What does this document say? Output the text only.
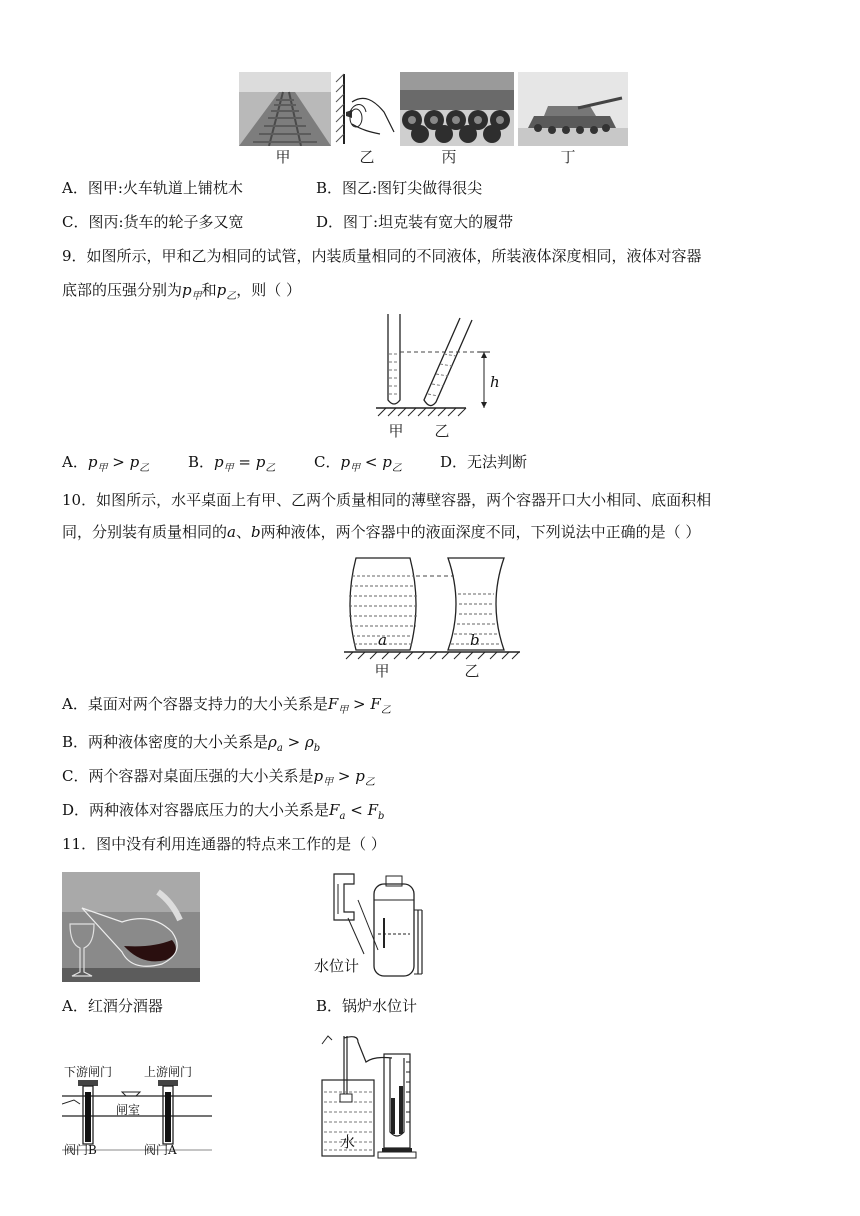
甲	乙	丙	丁
A．图甲:火车轨道上铺枕木	B．图乙:图钉尖做得很尖
C．图丙:货车的轮子多又宽	D．图丁:坦克装有宽大的履带
9．如图所示，甲和乙为相同的试管，内装质量相同的不同液体，所装液体深度相同，液体对容器
底部的压强分别为$p_甲$和$p_乙$，则（ ）
h
甲 乙
A．$p_甲 > p_乙$	B．$p_甲 = p_乙$	C．$p_甲 < p_乙$	D．无法判断
10．如图所示，水平桌面上有甲、乙两个质量相同的薄壁容器，两个容器开口大小相同、底面积相
同，分别装有质量相同的a、b两种液体，两个容器中的液面深度不同，下列说法中正确的是（ ）
a	b
甲	乙
A．桌面对两个容器支持力的大小关系是$F_甲 > F_乙$
B．两种液体密度的大小关系是$\rho_a > \rho_b$
C．两个容器对桌面压强的大小关系是$p_甲 > p_乙$
D．两种液体对容器底压力的大小关系是$F_a < F_b$
11．图中没有利用连通器的特点来工作的是（ ）
水位计
A．红酒分酒器	B．锅炉水位计
下游闸门	上游闸门
闸室
阀门B	阀门A	水
